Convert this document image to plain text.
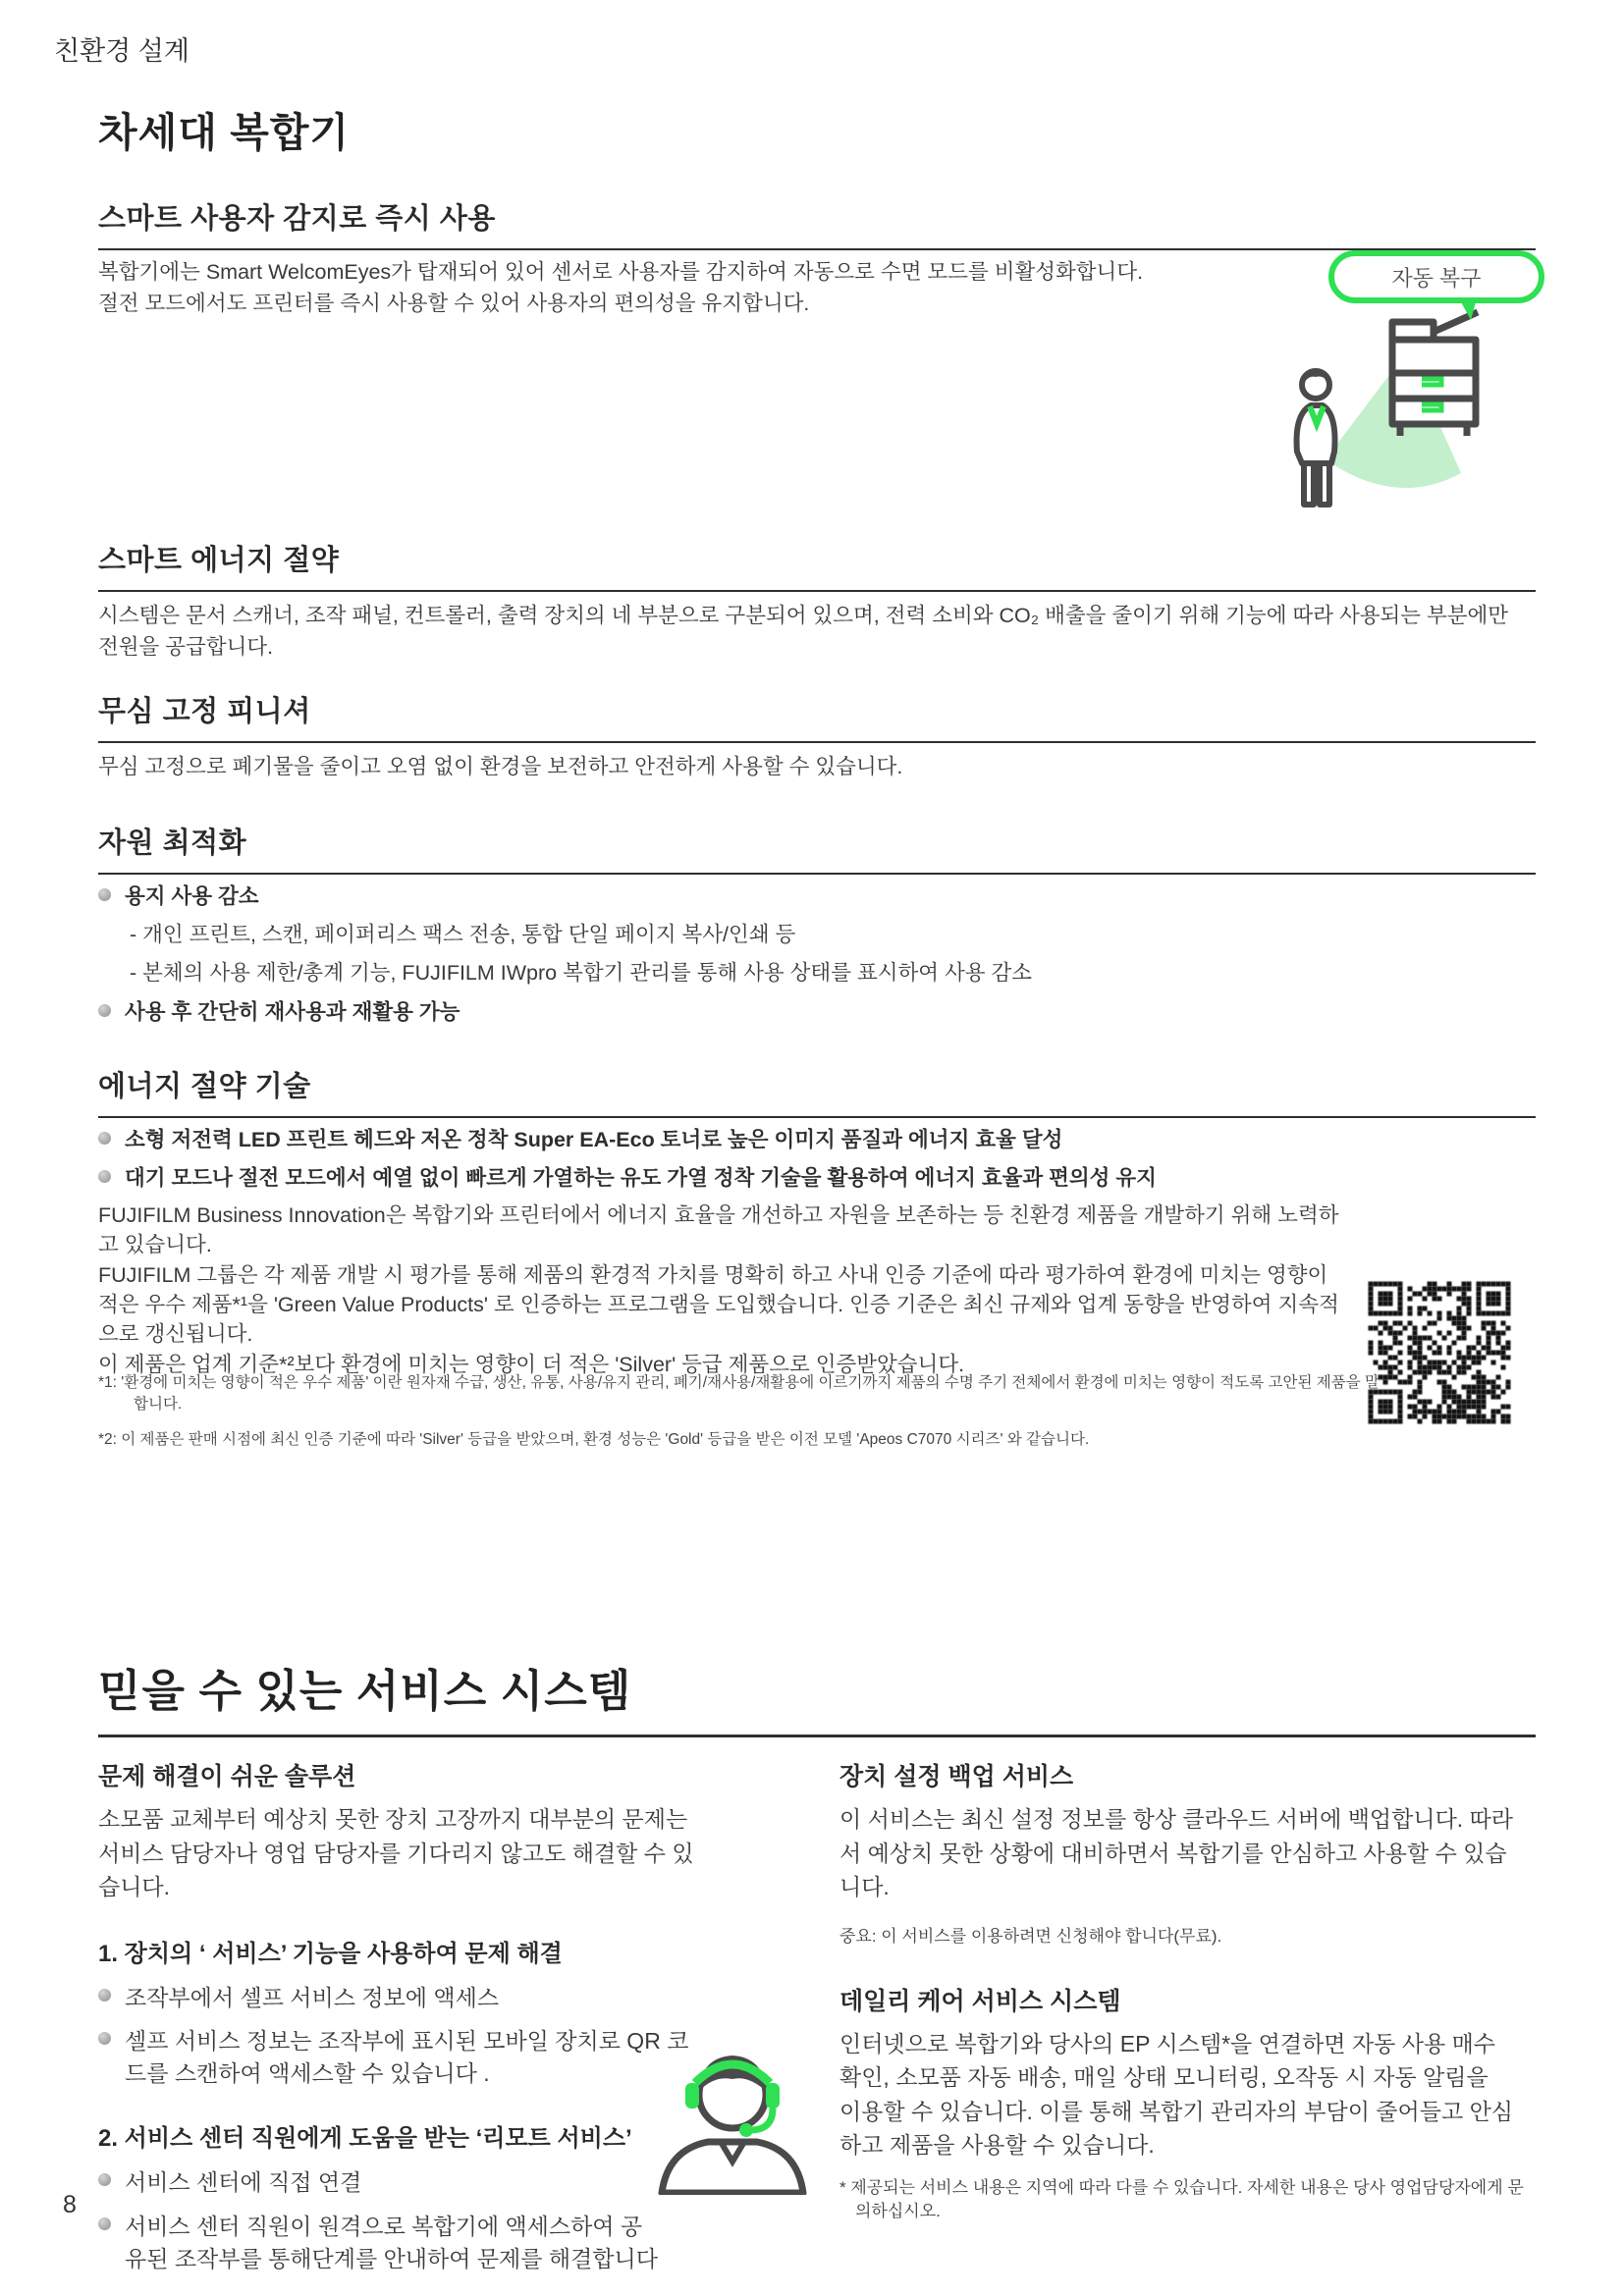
친환경 설계
차세대 복합기
스마트 사용자 감지로 즉시 사용
복합기에는 Smart WelcomEyes가 탑재되어 있어 센서로 사용자를 감지하여 자동으로 수면 모드를 비활성화합니다.
절전 모드에서도 프린터를 즉시 사용할 수 있어 사용자의 편의성을 유지합니다.
자동 복구
스마트 에너지 절약
시스템은 문서 스캐너, 조작 패널, 컨트롤러, 출력 장치의 네 부분으로 구분되어 있으며, 전력 소비와 CO₂ 배출을 줄이기 위해 기능에 따라 사용되는 부분에만 전원을 공급합니다.
무심 고정 피니셔
무심 고정으로 폐기물을 줄이고 오염 없이 환경을 보전하고 안전하게 사용할 수 있습니다.
자원 최적화
용지 사용 감소
- 개인 프린트, 스캔, 페이퍼리스 팩스 전송, 통합 단일 페이지 복사/인쇄 등
- 본체의 사용 제한/총계 기능, FUJIFILM IWpro 복합기 관리를 통해 사용 상태를 표시하여 사용 감소
사용 후 간단히 재사용과 재활용 가능
에너지 절약 기술
소형 저전력 LED 프린트 헤드와 저온 정착 Super EA-Eco 토너로 높은 이미지 품질과 에너지 효율 달성
대기 모드나 절전 모드에서 예열 없이 빠르게 가열하는 유도 가열 정착 기술을 활용하여 에너지 효율과 편의성 유지
FUJIFILM Business Innovation은 복합기와 프린터에서 에너지 효율을 개선하고 자원을 보존하는 등 친환경 제품을 개발하기 위해 노력하고 있습니다.
FUJIFILM 그룹은 각 제품 개발 시 평가를 통해 제품의 환경적 가치를 명확히 하고 사내 인증 기준에 따라 평가하여 환경에 미치는 영향이 적은 우수 제품*¹을 'Green Value Products' 로 인증하는 프로그램을 도입했습니다. 인증 기준은 최신 규제와 업계 동향을 반영하여 지속적으로 갱신됩니다.
이 제품은 업계 기준*²보다 환경에 미치는 영향이 더 적은 'Silver' 등급 제품으로 인증받았습니다.
*1: '환경에 미치는 영향이 적은 우수 제품' 이란 원자재 수급, 생산, 유통, 사용/유지 관리, 폐기/재사용/재활용에 이르기까지 제품의 수명 주기 전체에서 환경에 미치는 영향이 적도록 고안된 제품을 말합니다.
*2: 이 제품은 판매 시점에 최신 인증 기준에 따라 'Silver' 등급을 받았으며, 환경 성능은 'Gold' 등급을 받은 이전 모델 'Apeos C7070 시리즈' 와 같습니다.
믿을 수 있는 서비스 시스템
문제 해결이 쉬운 솔루션
소모품 교체부터 예상치 못한 장치 고장까지 대부분의 문제는 서비스 담당자나 영업 담당자를 기다리지 않고도 해결할 수 있습니다.
1. 장치의 ‘ 서비스’ 기능을 사용하여 문제 해결
조작부에서 셀프 서비스 정보에 액세스
셀프 서비스 정보는 조작부에 표시된 모바일 장치로 QR 코드를 스캔하여 액세스할 수 있습니다 .
2. 서비스 센터 직원에게 도움을 받는 ‘리모트 서비스’
서비스 센터에 직접 연결
서비스 센터 직원이 원격으로 복합기에 액세스하여 공유된 조작부를 통해단계를 안내하여 문제를 해결합니다
장치 설정 백업 서비스
이 서비스는 최신 설정 정보를 항상 클라우드 서버에 백업합니다. 따라서 예상치 못한 상황에 대비하면서 복합기를 안심하고 사용할 수 있습니다.
중요: 이 서비스를 이용하려면 신청해야 합니다(무료).
데일리 케어 서비스 시스템
인터넷으로 복합기와 당사의 EP 시스템*을 연결하면 자동 사용 매수 확인, 소모품 자동 배송, 매일 상태 모니터링, 오작동 시 자동 알림을 이용할 수 있습니다. 이를 통해 복합기 관리자의 부담이 줄어들고 안심하고 제품을 사용할 수 있습니다.
* 제공되는 서비스 내용은 지역에 따라 다를 수 있습니다. 자세한 내용은 당사 영업담당자에게 문의하십시오.
8
